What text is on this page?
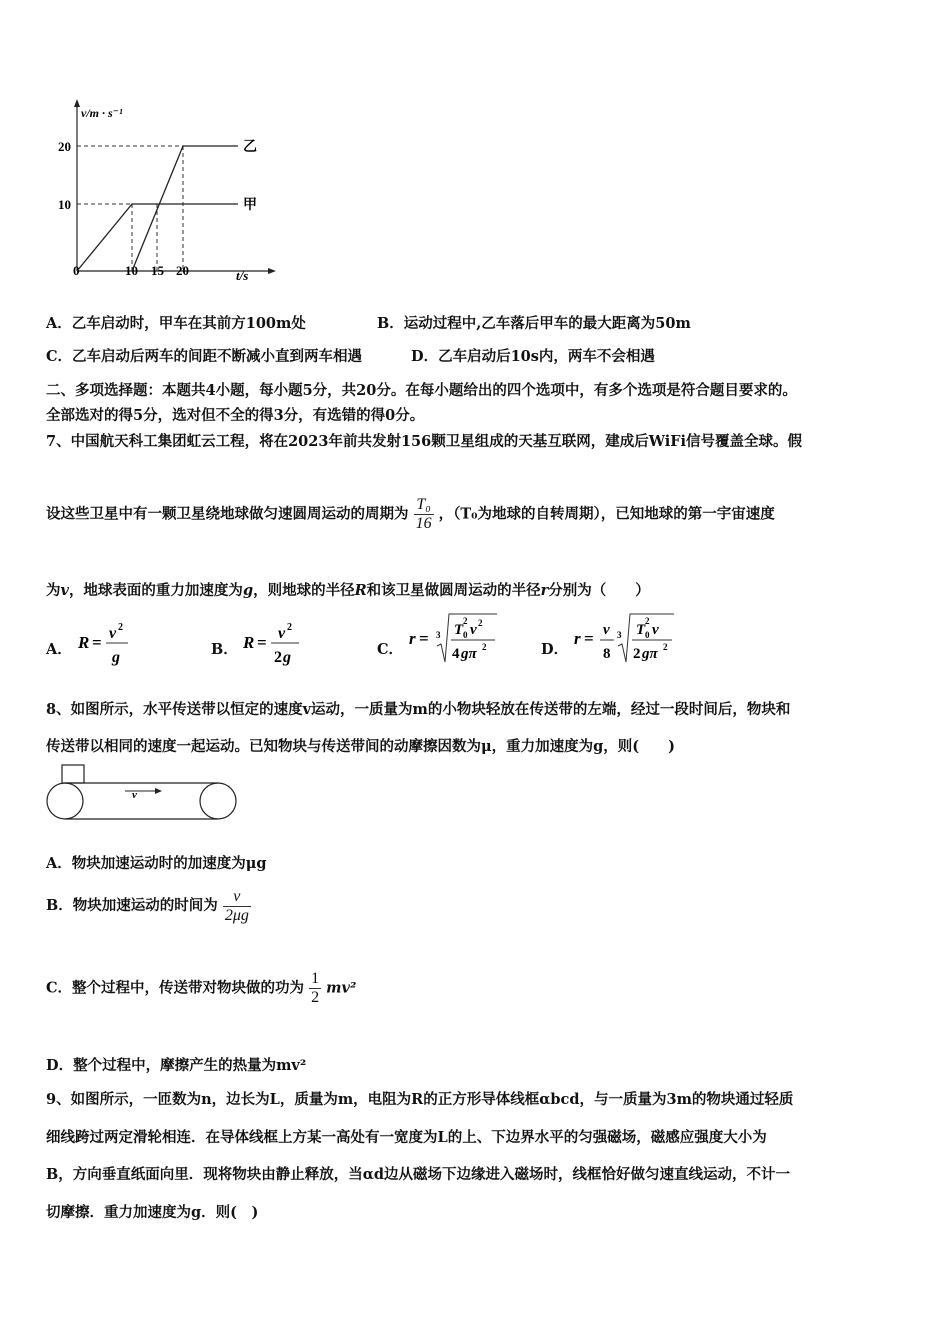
v/m · s⁻¹
t/s
20
10
0	10 15 20
乙
甲
A．乙车启动时，甲车在其前方100m处	B．运动过程中,乙车落后甲车的最大距离为50m
C．乙车启动后两车的间距不断减小直到两车相遇	D．乙车启动后10s内，两车不会相遇
二、多项选择题：本题共4小题，每小题5分，共20分。在每小题给出的四个选项中，有多个选项是符合题目要求的。
全部选对的得5分，选对但不全的得3分，有选错的得0分。
7、中国航天科工集团虹云工程，将在2023年前共发射156颗卫星组成的天基互联网，建成后WiFi信号覆盖全球。假
设这些卫星中有一颗卫星绕地球做匀速圆周运动的周期为 $\frac{\text{T₀}}{16}$ ，（T₀为地球的自转周期），已知地球的第一宇宙速度
为v，地球表面的重力加速度为g，则地球的半径R和该卫星做圆周运动的半径r分别为（　　）
A． R = v 2
g	B． R = v 2
2 g	C．
r = 3 T
2
0 v 2
4 gπ 2	D．
r = v
8
3 T
2
0 v
2 gπ 2
8、如图所示，水平传送带以恒定的速度v运动，一质量为m的小物块轻放在传送带的左端，经过一段时间后，物块和
传送带以相同的速度一起运动。已知物块与传送带间的动摩擦因数为μ，重力加速度为g，则(　　)
v
A．物块加速运动时的加速度为μg
B．物块加速运动的时间为 $\frac{v}{2\mu g}$
C．整个过程中，传送带对物块做的功为 $\frac{1}{2} mv^2$
D．整个过程中，摩擦产生的热量为mv²
9、如图所示，一匝数为n，边长为L，质量为m，电阻为R的正方形导体线框αbcd，与一质量为3m的物块通过轻质
细线跨过两定滑轮相连．在导体线框上方某一高处有一宽度为L的上、下边界水平的匀强磁场，磁感应强度大小为
B，方向垂直纸面向里．现将物块由静止释放，当αd边从磁场下边缘进入磁场时，线框恰好做匀速直线运动，不计一
切摩擦．重力加速度为g．则(　)
